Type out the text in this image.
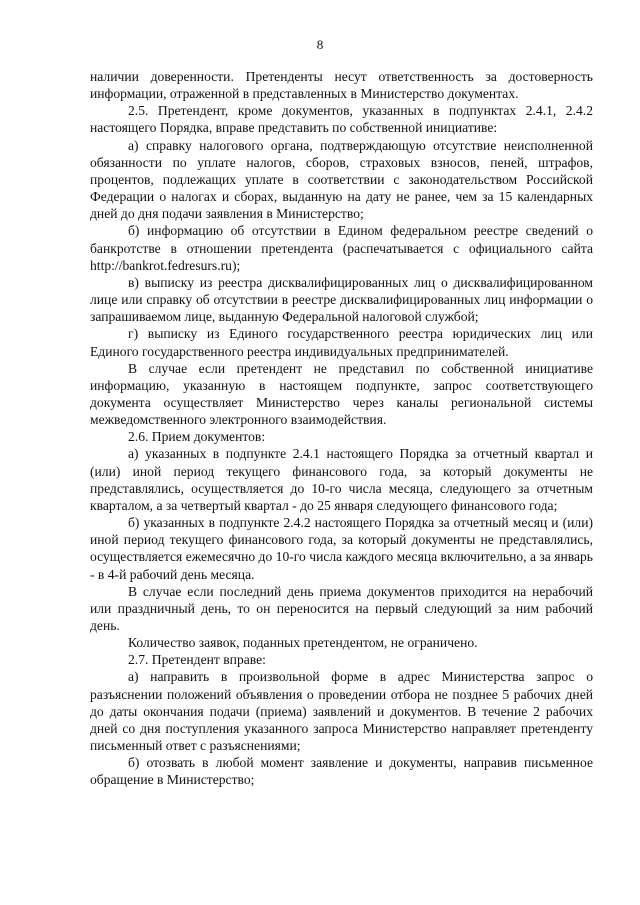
8

наличии доверенности. Претенденты несут ответственность за достоверность информации, отраженной в представленных в Министерство документах.

2.5. Претендент, кроме документов, указанных в подпунктах 2.4.1, 2.4.2 настоящего Порядка, вправе представить по собственной инициативе:

а) справку налогового органа, подтверждающую отсутствие неисполненной обязанности по уплате налогов, сборов, страховых взносов, пеней, штрафов, процентов, подлежащих уплате в соответствии с законодательством Российской Федерации о налогах и сборах, выданную на дату не ранее, чем за 15 календарных дней до дня подачи заявления в Министерство;

б) информацию об отсутствии в Едином федеральном реестре сведений о банкротстве в отношении претендента (распечатывается с официального сайта http://bankrot.fedresurs.ru);

в) выписку из реестра дисквалифицированных лиц о дисквалифицированном лице или справку об отсутствии в реестре дисквалифицированных лиц информации о запрашиваемом лице, выданную Федеральной налоговой службой;

г) выписку из Единого государственного реестра юридических лиц или Единого государственного реестра индивидуальных предпринимателей.

В случае если претендент не представил по собственной инициативе информацию, указанную в настоящем подпункте, запрос соответствующего документа осуществляет Министерство через каналы региональной системы межведомственного электронного взаимодействия.

2.6. Прием документов:

а) указанных в подпункте 2.4.1 настоящего Порядка за отчетный квартал и (или) иной период текущего финансового года, за который документы не представлялись, осуществляется до 10-го числа месяца, следующего за отчетным кварталом, а за четвертый квартал - до 25 января следующего финансового года;

б) указанных в подпункте 2.4.2 настоящего Порядка за отчетный месяц и (или) иной период текущего финансового года, за который документы не представлялись, осуществляется ежемесячно до 10-го числа каждого месяца включительно, а за январь - в 4-й рабочий день месяца.

В случае если последний день приема документов приходится на нерабочий или праздничный день, то он переносится на первый следующий за ним рабочий день.

Количество заявок, поданных претендентом, не ограничено.

2.7. Претендент вправе:

а) направить в произвольной форме в адрес Министерства запрос о разъяснении положений объявления о проведении отбора не позднее 5 рабочих дней до даты окончания подачи (приема) заявлений и документов. В течение 2 рабочих дней со дня поступления указанного запроса Министерство направляет претенденту письменный ответ с разъяснениями;

б) отозвать в любой момент заявление и документы, направив письменное обращение в Министерство;
